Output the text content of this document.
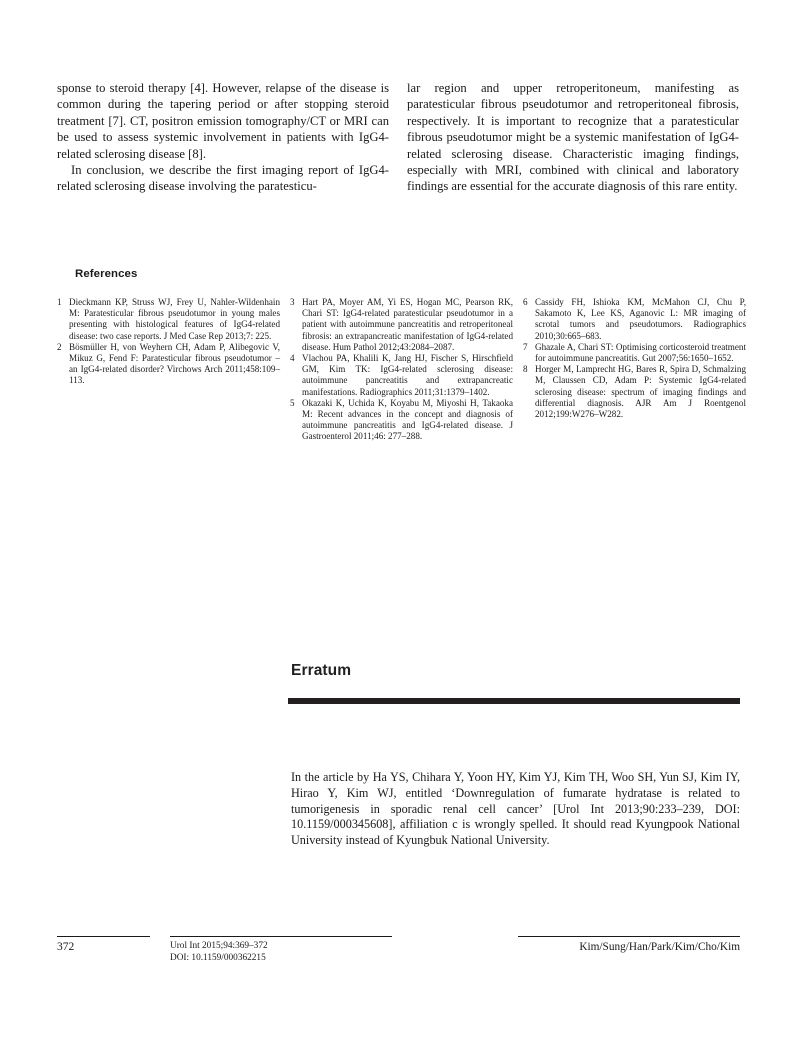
sponse to steroid therapy [4]. However, relapse of the disease is common during the tapering period or after stopping steroid treatment [7]. CT, positron emission tomography/CT or MRI can be used to assess systemic involvement in patients with IgG4-related sclerosing disease [8].

In conclusion, we describe the first imaging report of IgG4-related sclerosing disease involving the paratesticu-

lar region and upper retroperitoneum, manifesting as paratesticular fibrous pseudotumor and retroperitoneal fibrosis, respectively. It is important to recognize that a paratesticular fibrous pseudotumor might be a systemic manifestation of IgG4-related sclerosing disease. Characteristic imaging findings, especially with MRI, combined with clinical and laboratory findings are essential for the accurate diagnosis of this rare entity.

References
1 Dieckmann KP, Struss WJ, Frey U, Nahler-Wildenhain M: Paratesticular fibrous pseudotumor in young males presenting with histological features of IgG4-related disease: two case reports. J Med Case Rep 2013;7: 225.
2 Bösmüller H, von Weyhern CH, Adam P, Alibegovic V, Mikuz G, Fend F: Paratesticular fibrous pseudotumor – an IgG4-related disorder? Virchows Arch 2011;458:109–113.
3 Hart PA, Moyer AM, Yi ES, Hogan MC, Pearson RK, Chari ST: IgG4-related paratesticular pseudotumor in a patient with autoimmune pancreatitis and retroperitoneal fibrosis: an extrapancreatic manifestation of IgG4-related disease. Hum Pathol 2012;43:2084–2087.
4 Vlachou PA, Khalili K, Jang HJ, Fischer S, Hirschfield GM, Kim TK: IgG4-related sclerosing disease: autoimmune pancreatitis and extrapancreatic manifestations. Radiographics 2011;31:1379–1402.
5 Okazaki K, Uchida K, Koyabu M, Miyoshi H, Takaoka M: Recent advances in the concept and diagnosis of autoimmune pancreatitis and IgG4-related disease. J Gastroenterol 2011;46: 277–288.
6 Cassidy FH, Ishioka KM, McMahon CJ, Chu P, Sakamoto K, Lee KS, Aganovic L: MR imaging of scrotal tumors and pseudotumors. Radiographics 2010;30:665–683.
7 Ghazale A, Chari ST: Optimising corticosteroid treatment for autoimmune pancreatitis. Gut 2007;56:1650–1652.
8 Horger M, Lamprecht HG, Bares R, Spira D, Schmalzing M, Claussen CD, Adam P: Systemic IgG4-related sclerosing disease: spectrum of imaging findings and differential diagnosis. AJR Am J Roentgenol 2012;199:W276–W282.
Erratum
In the article by Ha YS, Chihara Y, Yoon HY, Kim YJ, Kim TH, Woo SH, Yun SJ, Kim IY, Hirao Y, Kim WJ, entitled ‘Downregulation of fumarate hydratase is related to tumorigenesis in sporadic renal cell cancer’ [Urol Int 2013;90:233–239, DOI: 10.1159/000345608], affiliation c is wrongly spelled. It should read Kyungpook National University instead of Kyungbuk National University.
372	Urol Int 2015;94:369–372
DOI: 10.1159/000362215
Kim/Sung/Han/Park/Kim/Cho/Kim
